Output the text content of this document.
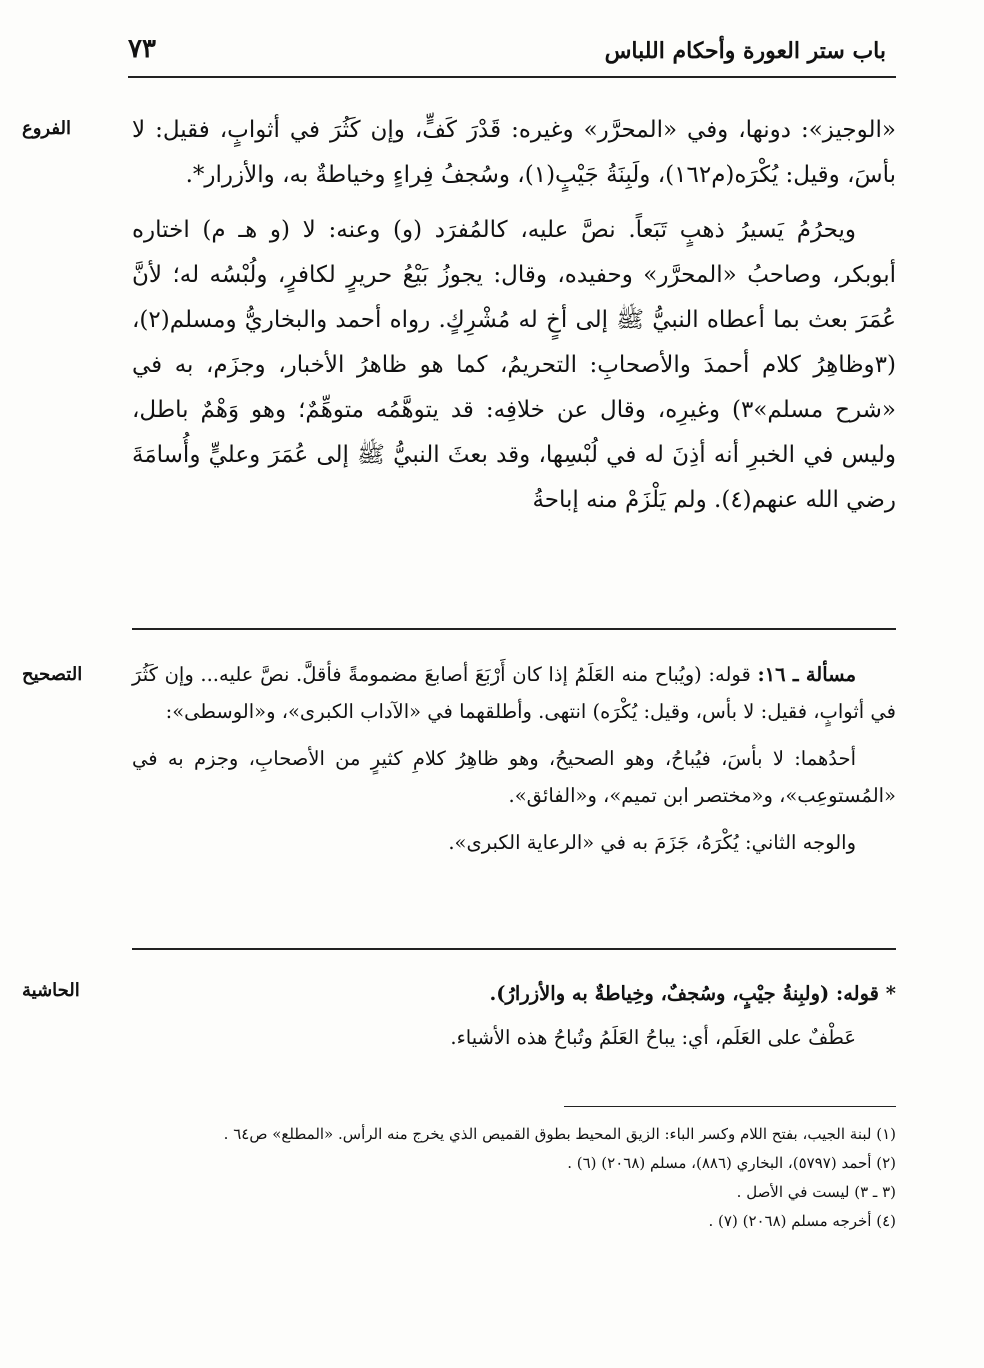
باب ستر العورة وأحكام اللباس
٧٣
الفروع	«الوجيز»: دونها، وفي «المحرَّر» وغيره: قَدْرَ كَفٍّ، وإن كَثُرَ في أثوابٍ، فقيل: لا بأسَ، وقيل: يُكْرَه(م١٦٢)، ولَبِنَةُ جَيْبٍ(١)، وسُجفُ فِراءٍ وخياطةٌ به، والأزرار*.

ويحرُمُ يَسيرُ ذهبٍ تَبَعاً. نصَّ عليه، كالمُفرَد (و) وعنه: لا (و هـ م) اختاره أبوبكر، وصاحبُ «المحرَّر» وحفيده، وقال: يجوزُ بَيْعُ حريرٍ لكافرٍ، ولُبْسُه له؛ لأنَّ عُمَرَ بعث بما أعطاه النبيُّ ﷺ إلى أخٍ له مُشْرِكٍ. رواه أحمد والبخاريُّ ومسلم(٢)، (٣وظاهِرُ كلام أحمدَ والأصحابِ: التحريمُ، كما هو ظاهرُ الأخبار، وجزَم، به في «شرح مسلم»٣) وغيرِه، وقال عن خلافِه: قد يتوهَّمُه متوهِّمٌ؛ وهو وَهْمٌ باطل، وليس في الخبرِ أنه أذِنَ له في لُبْسِها، وقد بعثَ النبيُّ ﷺ إلى عُمَرَ وعليٍّ وأُسامَةَ رضي الله عنهم(٤). ولم يَلْزَمْ منه إباحةُ

التصحيح	مسألة ـ ١٦: قوله: (ويُباح منه العَلَمُ إذا كان أَرْبَعَ أصابعَ مضمومةً فأقلَّ. نصَّ عليه... وإن كَثُرَ في أثوابٍ، فقيل: لا بأس، وقيل: يُكْرَه) انتهى. وأطلقهما في «الآداب الكبرى»، و«الوسطى»:

أحدُهما: لا بأسَ، فيُباحُ، وهو الصحيحُ، وهو ظاهِرُ كلامِ كثيرٍ من الأصحابِ، وجزم به في «المُستوعِب»، و«مختصر ابن تميم»، و«الفائق».

والوجه الثاني: يُكْرَهُ، جَزَمَ به في «الرعاية الكبرى».

الحاشية	* قوله: (ولبِنةُ جيْبٍ، وسُجفٌ، وخِياطةٌ به والأزرارُ).

عَطْفٌ على العَلَم، أي: يباحُ العَلَمُ وتُباحُ هذه الأشياء.

(١) لبنة الجيب، بفتح اللام وكسر الباء: الزيق المحيط بطوق القميص الذي يخرج منه الرأس. «المطلع» ص٦٤ .

(٢) أحمد (٥٧٩٧)، البخاري (٨٨٦)، مسلم (٢٠٦٨) (٦) .

(٣ ـ ٣) ليست في الأصل .

(٤) أخرجه مسلم (٢٠٦٨) (٧) .
